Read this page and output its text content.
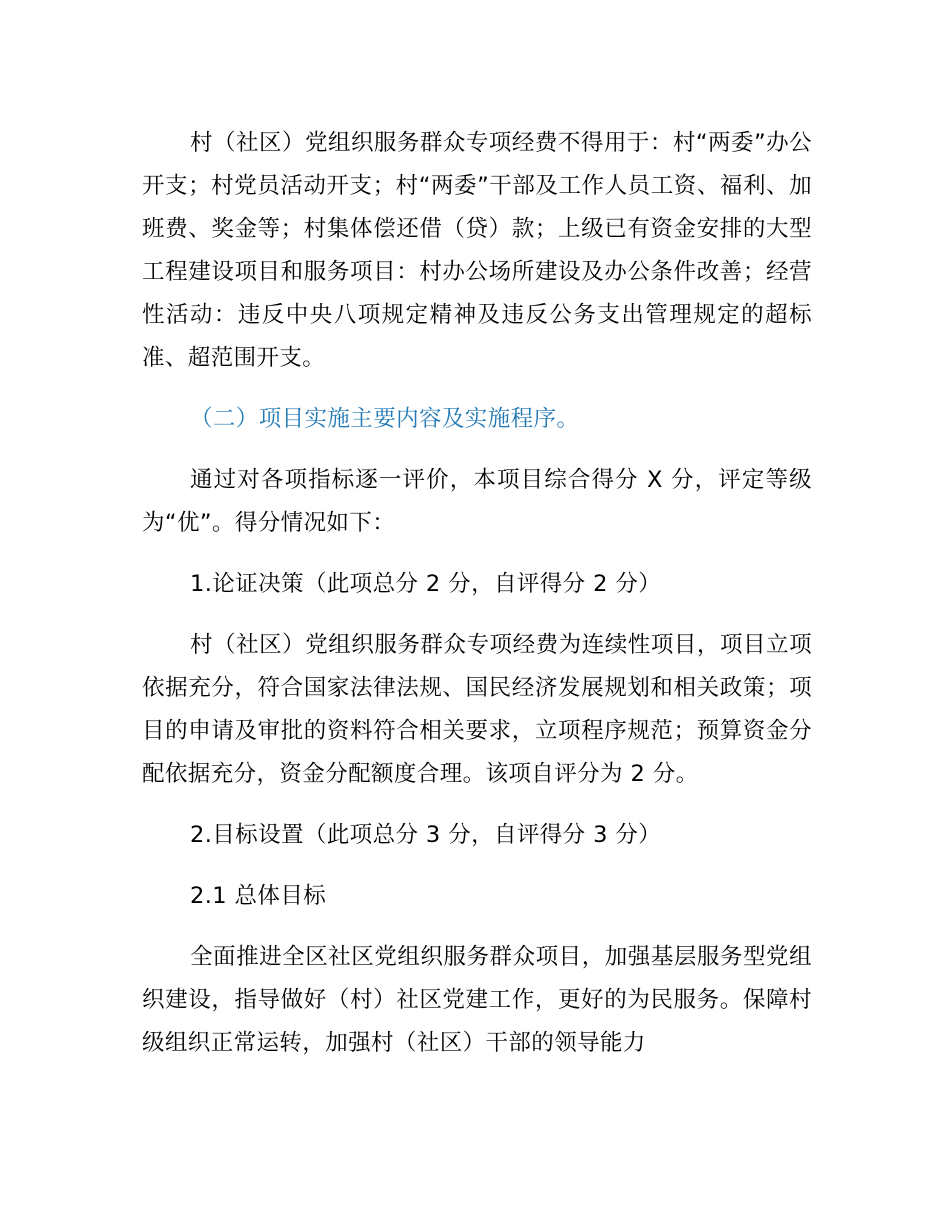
村（社区）党组织服务群众专项经费不得用于：村“两委”办公开支；村党员活动开支；村“两委”干部及工作人员工资、福利、加班费、奖金等；村集体偿还借（贷）款；上级已有资金安排的大型工程建设项目和服务项目：村办公场所建设及办公条件改善；经营性活动：违反中央八项规定精神及违反公务支出管理规定的超标准、超范围开支。

（二）项目实施主要内容及实施程序。

通过对各项指标逐一评价，本项目综合得分 X 分，评定等级为“优”。得分情况如下：

1.论证决策（此项总分 2 分，自评得分 2 分）

村（社区）党组织服务群众专项经费为连续性项目，项目立项依据充分，符合国家法律法规、国民经济发展规划和相关政策；项目的申请及审批的资料符合相关要求，立项程序规范；预算资金分配依据充分，资金分配额度合理。该项自评分为 2 分。

2.目标设置（此项总分 3 分，自评得分 3 分）

2.1 总体目标

全面推进全区社区党组织服务群众项目，加强基层服务型党组织建设，指导做好（村）社区党建工作，更好的为民服务。保障村级组织正常运转，加强村（社区）干部的领导能力
